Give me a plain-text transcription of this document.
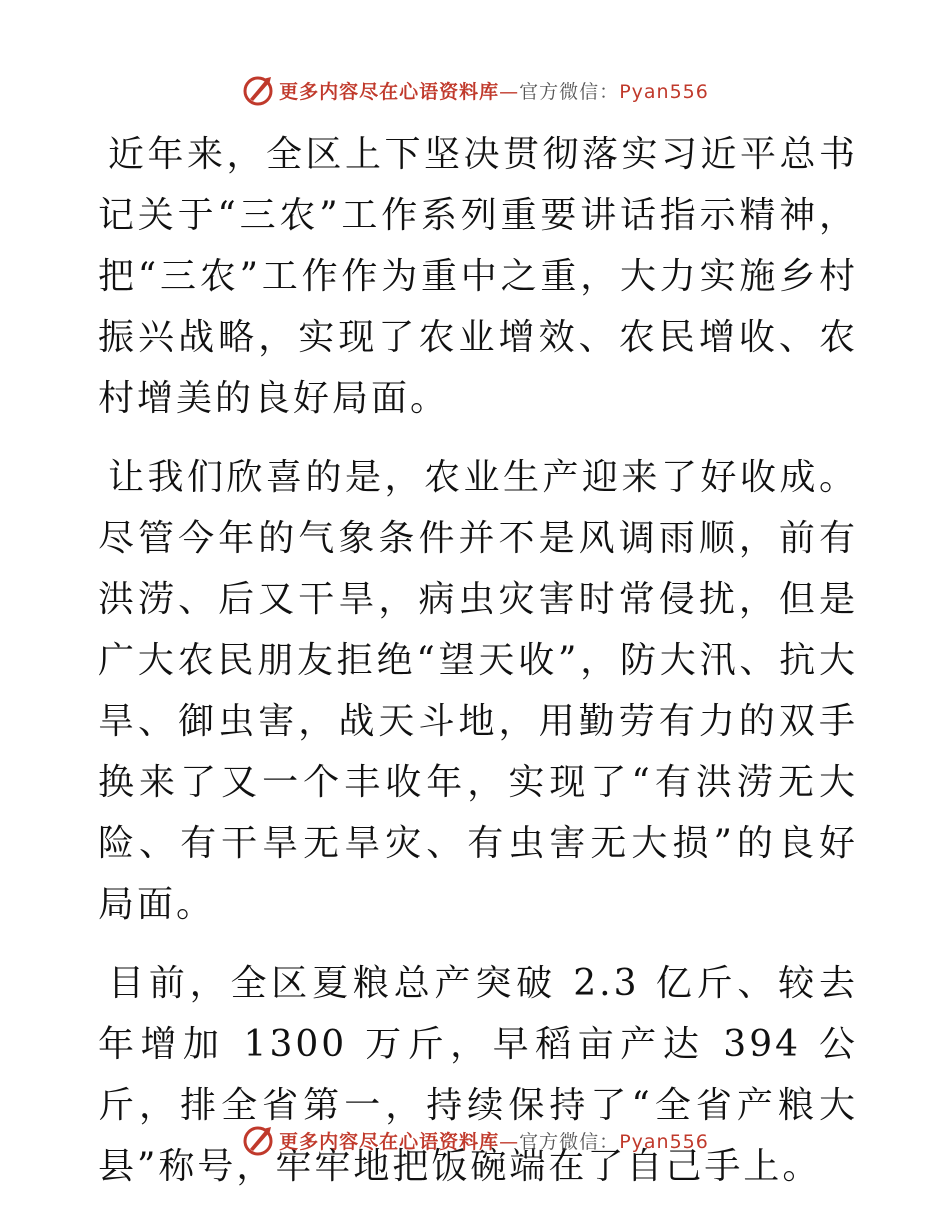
更多内容尽在心语资料库—官方微信：Pyan556

近年来，全区上下坚决贯彻落实习近平总书记关于“三农”工作系列重要讲话指示精神，把“三农”工作作为重中之重，大力实施乡村振兴战略，实现了农业增效、农民增收、农村增美的良好局面。

让我们欣喜的是，农业生产迎来了好收成。尽管今年的气象条件并不是风调雨顺，前有洪涝、后又干旱，病虫灾害时常侵扰，但是广大农民朋友拒绝“望天收”，防大汛、抗大旱、御虫害，战天斗地，用勤劳有力的双手换来了又一个丰收年，实现了“有洪涝无大险、有干旱无旱灾、有虫害无大损”的良好局面。

目前，全区夏粮总产突破 2.3 亿斤、较去年增加 1300 万斤，早稻亩产达 394 公斤，排全省第一，持续保持了“全省产粮大县”称号，牢牢地把饭碗端在了自己手上。

更多内容尽在心语资料库—官方微信：Pyan556
